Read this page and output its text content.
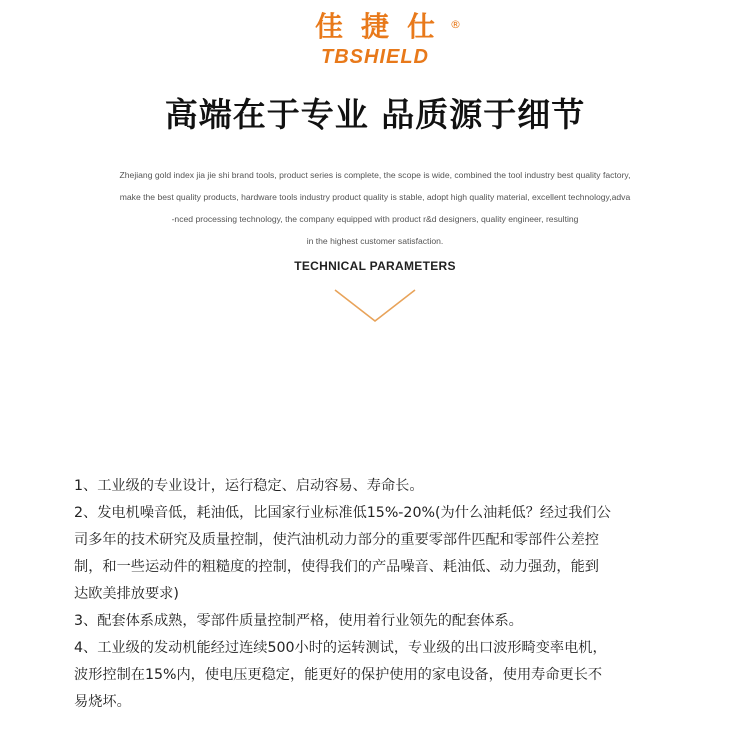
佳捷仕
®
TBSHIELD
高端在于专业 品质源于细节

Zhejiang gold index jia jie shi brand tools, product series is complete, the scope is wide, combined the tool industry best quality factory,

make the best quality products, hardware tools industry product quality is stable, adopt high quality material, excellent technology,adva

-nced processing technology, the company equipped with product r&d designers, quality engineer, resulting

in the highest customer satisfaction.

TECHNICAL PARAMETERS
1、工业级的专业设计，运行稳定、启动容易、寿命长。
2、发电机噪音低，耗油低，比国家行业标准低15%-20%(为什么油耗低？经过我们公
司多年的技术研究及质量控制，使汽油机动力部分的重要零部件匹配和零部件公差控
制，和一些运动件的粗糙度的控制，使得我们的产品噪音、耗油低、动力强劲，能到
达欧美排放要求)
3、配套体系成熟，零部件质量控制严格，使用着行业领先的配套体系。
4、工业级的发动机能经过连续500小时的运转测试，专业级的出口波形畸变率电机，
波形控制在15%内，使电压更稳定，能更好的保护使用的家电设备，使用寿命更长不
易烧坏。
